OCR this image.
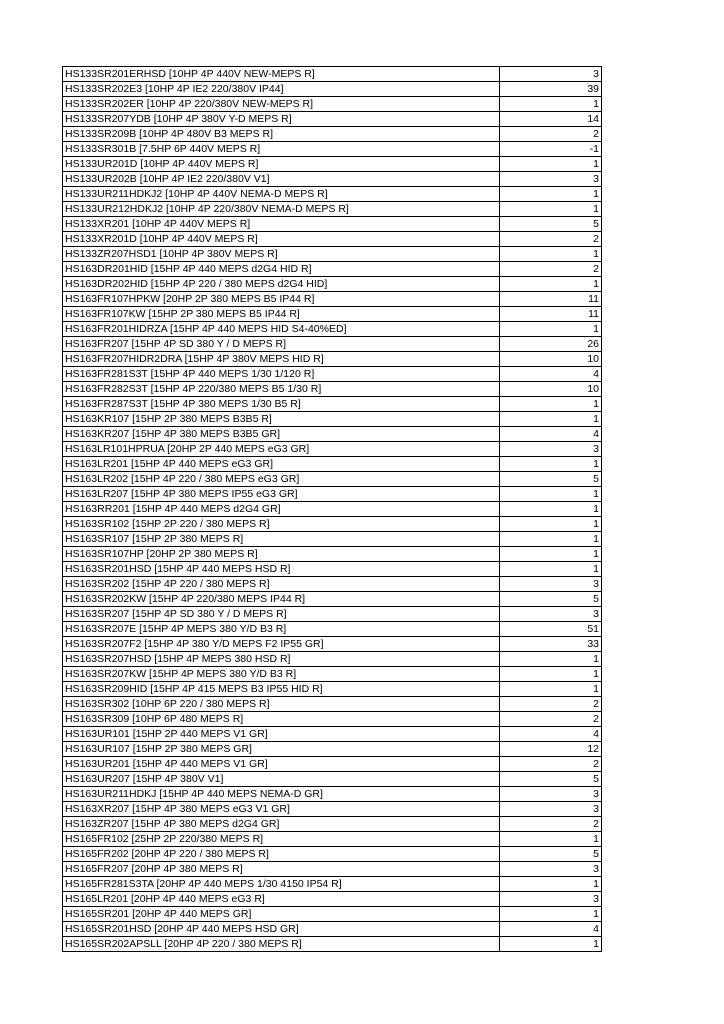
HS133SR201ERHSD [10HP 4P 440V NEW-MEPS R]	3
HS133SR202E3 [10HP 4P IE2 220/380V IP44]	39
HS133SR202ER [10HP 4P 220/380V NEW-MEPS R]	1
HS133SR207YDB [10HP 4P 380V Y-D MEPS R]	14
HS133SR209B [10HP 4P 480V B3 MEPS R]	2
HS133SR301B [7.5HP 6P 440V MEPS R]	-1
HS133UR201D [10HP 4P 440V MEPS R]	1
HS133UR202B [10HP 4P IE2 220/380V V1]	3
HS133UR211HDKJ2 [10HP 4P 440V NEMA-D MEPS R]	1
HS133UR212HDKJ2 [10HP 4P 220/380V NEMA-D MEPS R]	1
HS133XR201 [10HP 4P 440V MEPS R]	5
HS133XR201D [10HP 4P 440V MEPS R]	2
HS133ZR207HSD1 [10HP 4P 380V MEPS R]	1
HS163DR201HID [15HP 4P 440 MEPS d2G4 HID R]	2
HS163DR202HID [15HP 4P 220 / 380 MEPS d2G4 HID]	1
HS163FR107HPKW [20HP 2P 380 MEPS B5 IP44 R]	11
HS163FR107KW [15HP 2P 380 MEPS B5 IP44 R]	11
HS163FR201HIDRZA [15HP 4P 440 MEPS HID S4-40%ED]	1
HS163FR207 [15HP 4P SD 380 Y / D MEPS R]	26
HS163FR207HIDR2DRA [15HP 4P 380V MEPS HID R]	10
HS163FR281S3T [15HP 4P 440 MEPS 1/30 1/120 R]	4
HS163FR282S3T [15HP 4P 220/380 MEPS B5 1/30 R]	10
HS163FR287S3T [15HP 4P 380 MEPS 1/30 B5 R]	1
HS163KR107 [15HP 2P 380 MEPS B3B5 R]	1
HS163KR207 [15HP 4P 380 MEPS B3B5 GR]	4
HS163LR101HPRUA [20HP 2P 440 MEPS eG3 GR]	3
HS163LR201 [15HP 4P 440 MEPS eG3 GR]	1
HS163LR202 [15HP 4P 220 / 380 MEPS eG3 GR]	5
HS163LR207 [15HP 4P 380 MEPS IP55 eG3 GR]	1
HS163RR201 [15HP 4P 440 MEPS d2G4 GR]	1
HS163SR102 [15HP 2P 220 / 380 MEPS R]	1
HS163SR107 [15HP 2P 380 MEPS R]	1
HS163SR107HP [20HP 2P 380 MEPS R]	1
HS163SR201HSD [15HP 4P 440 MEPS HSD R]	1
HS163SR202 [15HP 4P 220 / 380 MEPS R]	3
HS163SR202KW [15HP 4P 220/380 MEPS IP44 R]	5
HS163SR207 [15HP 4P SD 380 Y / D MEPS R]	3
HS163SR207E [15HP 4P MEPS 380 Y/D B3 R]	51
HS163SR207F2 [15HP 4P 380 Y/D MEPS F2 IP55 GR]	33
HS163SR207HSD [15HP 4P MEPS 380 HSD R]	1
HS163SR207KW [15HP 4P MEPS 380 Y/D B3 R]	1
HS163SR209HID [15HP 4P 415 MEPS B3 IP55 HID R]	1
HS163SR302 [10HP 6P 220 / 380 MEPS R]	2
HS163SR309 [10HP 6P 480 MEPS R]	2
HS163UR101 [15HP 2P 440 MEPS V1 GR]	4
HS163UR107 [15HP 2P 380 MEPS GR]	12
HS163UR201 [15HP 4P 440 MEPS V1 GR]	2
HS163UR207 [15HP 4P 380V V1]	5
HS163UR211HDKJ [15HP 4P 440 MEPS NEMA-D GR]	3
HS163XR207 [15HP 4P 380 MEPS eG3 V1 GR]	3
HS163ZR207 [15HP 4P 380 MEPS d2G4 GR]	2
HS165FR102 [25HP 2P 220/380 MEPS R]	1
HS165FR202 [20HP 4P 220 / 380 MEPS R]	5
HS165FR207 [20HP 4P 380 MEPS R]	3
HS165FR281S3TA [20HP 4P 440 MEPS 1/30 4150 IP54 R]	1
HS165LR201 [20HP 4P 440 MEPS eG3 R]	3
HS165SR201 [20HP 4P 440 MEPS GR]	1
HS165SR201HSD [20HP 4P 440 MEPS HSD GR]	4
HS165SR202APSLL [20HP 4P 220 / 380 MEPS R]	1
